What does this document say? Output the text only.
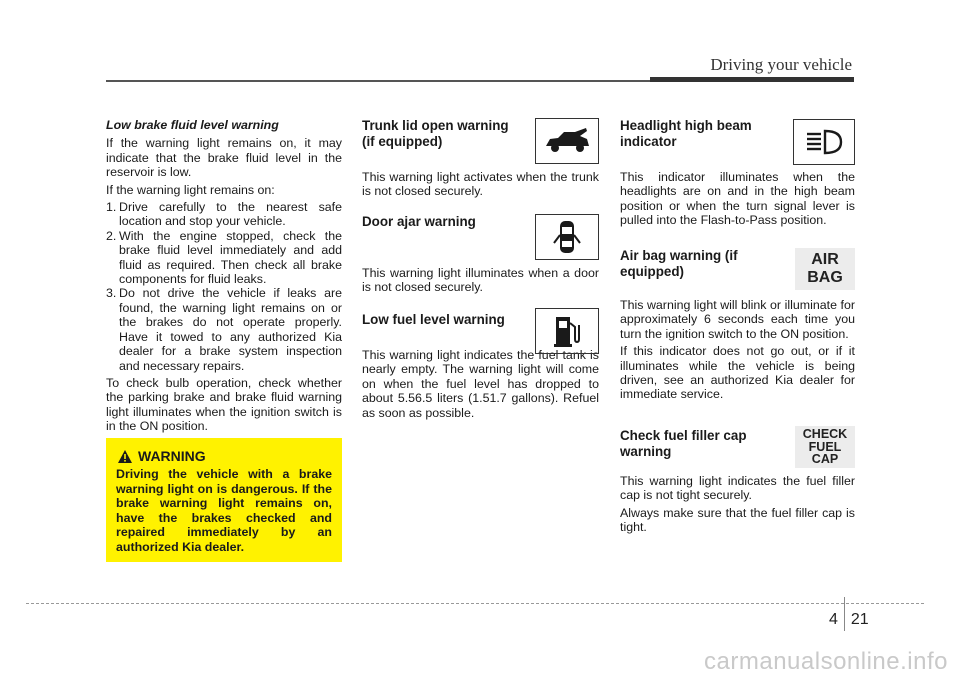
Driving your vehicle
Low brake fluid level warning

If the warning light remains on, it may indicate that the brake fluid level in the reservoir is low.

If the warning light remains on:

1. Drive carefully to the nearest safe location and stop your vehicle.
2. With the engine stopped, check the brake fluid level immediately and add fluid as required. Then check all brake components for fluid leaks.
3. Do not drive the vehicle if leaks are found, the warning light remains on or the brakes do not operate properly. Have it towed to any authorized Kia dealer for a brake system inspection and necessary repairs.

To check bulb operation, check whether the parking brake and brake fluid warning light illuminates when the ignition switch is in the ON position.

WARNING
Driving the vehicle with a brake warning light on is dangerous. If the brake warning light remains on, have the brakes checked and repaired immediately by an authorized Kia dealer.
Trunk lid open warning (if equipped)

This warning light activates when the trunk is not closed securely.

Door ajar warning

This warning light illuminates when a door is not closed securely.

Low fuel level warning

This warning light indicates the fuel tank is nearly empty. The warning light will come on when the fuel level has dropped to about 5.56.5 liters (1.51.7 gallons). Refuel as soon as possible.

Headlight high beam indicator

This indicator illuminates when the headlights are on and in the high beam position or when the turn signal lever is pulled into the Flash-to-Pass position.

Air bag warning (if equipped)
AIR
BAG

This warning light will blink or illuminate for approximately 6 seconds each time you turn the ignition switch to the ON position.

If this indicator does not go out, or if it illuminates while the vehicle is being driven, see an authorized Kia dealer for immediate service.

Check fuel filler cap warning
CHECK
FUEL
CAP

This warning light indicates the fuel filler cap is not tight securely.

Always make sure that the fuel filler cap is tight.

4 21
carmanualsonline.info
